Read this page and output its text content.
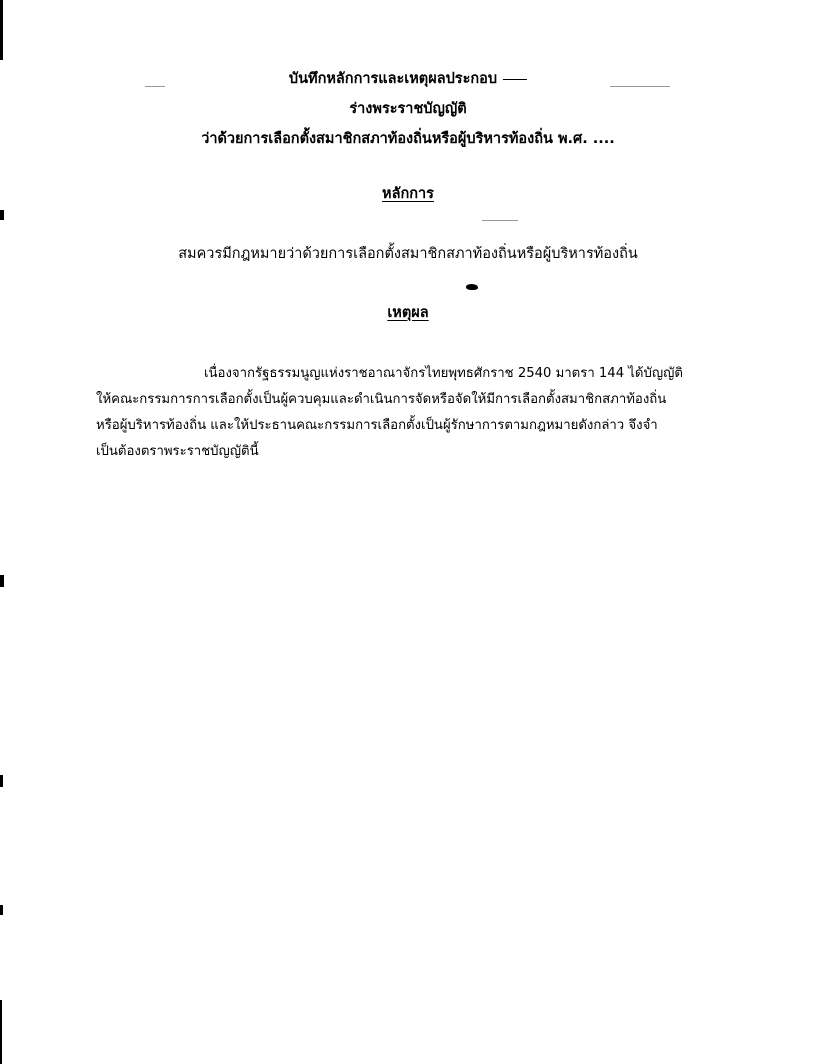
บันทึกหลักการและเหตุผลประกอบ
ร่างพระราชบัญญัติ
ว่าด้วยการเลือกตั้งสมาชิกสภาท้องถิ่นหรือผู้บริหารท้องถิ่น พ.ศ. ....
หลักการ
สมควรมีกฎหมายว่าด้วยการเลือกตั้งสมาชิกสภาท้องถิ่นหรือผู้บริหารท้องถิ่น
เหตุผล
เนื่องจากรัฐธรรมนูญแห่งราชอาณาจักรไทยพุทธศักราช 2540 มาตรา 144 ได้บัญญัติ
ให้คณะกรรมการการเลือกตั้งเป็นผู้ควบคุมและดำเนินการจัดหรือจัดให้มีการเลือกตั้งสมาชิกสภาท้องถิ่น
หรือผู้บริหารท้องถิ่น และให้ประธานคณะกรรมการเลือกตั้งเป็นผู้รักษาการตามกฎหมายดังกล่าว จึงจำ
เป็นต้องตราพระราชบัญญัตินี้
